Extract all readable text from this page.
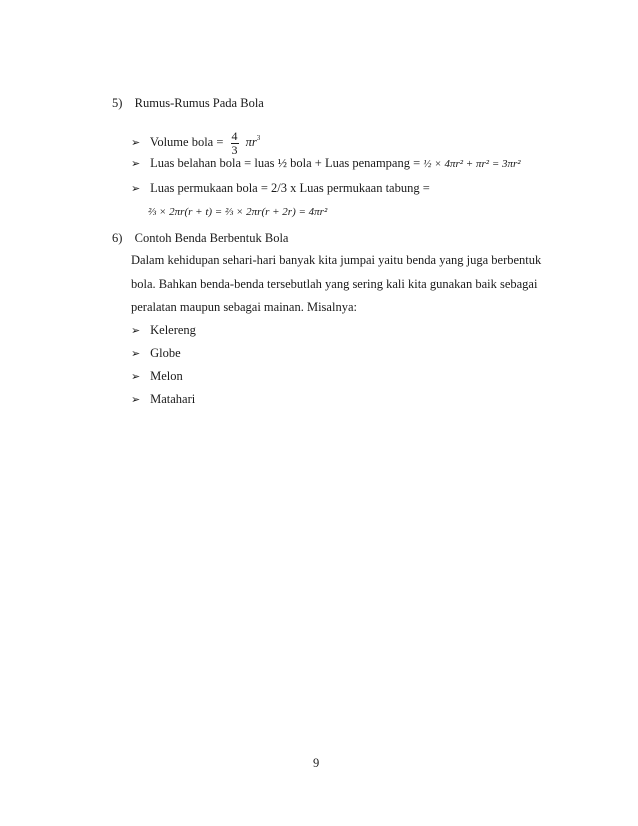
5) Rumus-Rumus Pada Bola
➢ Volume bola = $\frac{4}{3} \pi r^3$
➢ Luas belahan bola = luas ½ bola + Luas penampang = ½ × 4πr² + πr² = 3πr²
➢ Luas permukaan bola = 2/3 x Luas permukaan tabung =
⅔ × 2πr(r + t) = ⅔ × 2πr(r + 2r) = 4πr²
6) Contoh Benda Berbentuk Bola
Dalam kehidupan sehari-hari banyak kita jumpai yaitu benda yang juga berbentuk
bola. Bahkan benda-benda tersebutlah yang sering kali kita gunakan baik sebagai
peralatan maupun sebagai mainan. Misalnya:
➢ Kelereng
➢ Globe
➢ Melon
➢ Matahari
9
